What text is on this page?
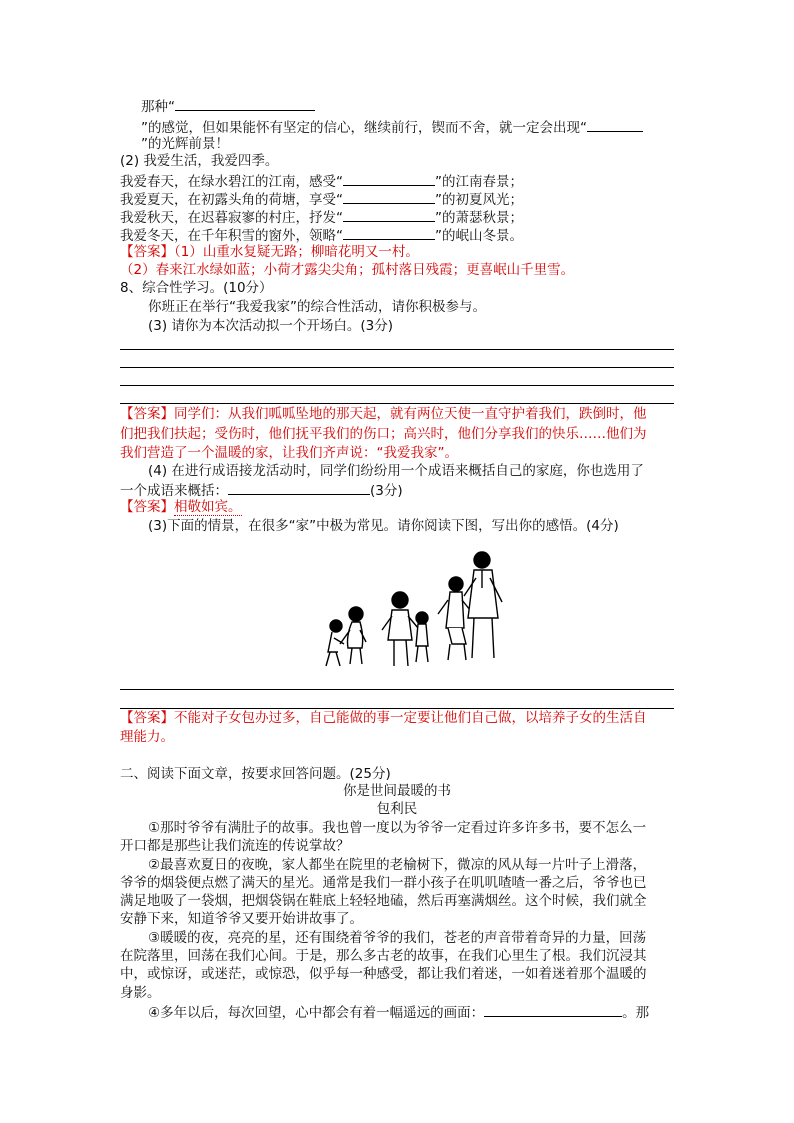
那种“
”的感觉，但如果能怀有坚定的信心，继续前行，锲而不舍，就一定会出现“
”的光辉前景！
(2) 我爱生活，我爱四季。
我爱春天，在绿水碧江的江南，感受“	”的江南春景；
我爱夏天，在初露头角的荷塘，享受“	”的初夏风光；
我爱秋天，在迟暮寂寥的村庄，抒发“	”的萧瑟秋景；
我爱冬天，在千年积雪的窗外，领略“	”的岷山冬景。
【答案】（1）山重水复疑无路；柳暗花明又一村。
（2）春来江水绿如蓝；小荷才露尖尖角；孤村落日残霞；更喜岷山千里雪。
8、综合性学习。(10分）
你班正在举行“我爱我家”的综合性活动，请你积极参与。
(3) 请你为本次活动拟一个开场白。(3分)
【答案】同学们：从我们呱呱坠地的那天起，就有两位天使一直守护着我们，跌倒时，他
们把我们扶起；受伤时，他们抚平我们的伤口；高兴时，他们分享我们的快乐……他们为
我们营造了一个温暖的家，让我们齐声说：“我爱我家”。
(4) 在进行成语接龙活动时，同学们纷纷用一个成语来概括自己的家庭，你也选用了
一个成语来概括：	(3分)
【答案】相敬如宾。
(3)下面的情景，在很多“家”中极为常见。请你阅读下图，写出你的感悟。(4分)
【答案】不能对子女包办过多，自己能做的事一定要让他们自己做，以培养子女的生活自
理能力。
二、阅读下面文章，按要求回答问题。(25分)
你是世间最暖的书
包利民
①那时爷爷有满肚子的故事。我也曾一度以为爷爷一定看过许多许多书，要不怎么一
开口都是那些让我们流连的传说掌故？
②最喜欢夏日的夜晚，家人都坐在院里的老榆树下，微凉的风从每一片叶子上滑落，
爷爷的烟袋便点燃了满天的星光。通常是我们一群小孩子在叽叽喳喳一番之后，爷爷也已
满足地吸了一袋烟，把烟袋锅在鞋底上轻轻地磕，然后再塞满烟丝。这个时候，我们就全
安静下来，知道爷爷又要开始讲故事了。
③暖暖的夜，亮亮的星，还有围绕着爷爷的我们，苍老的声音带着奇异的力量，回荡
在院落里，回荡在我们心间。于是，那么多古老的故事，在我们心里生了根。我们沉浸其
中，或惊讶，或迷茫，或惊恐，似乎每一种感受，都让我们着迷，一如着迷着那个温暖的
身影。
④多年以后，每次回望，心中都会有着一幅遥远的画面：	。那
